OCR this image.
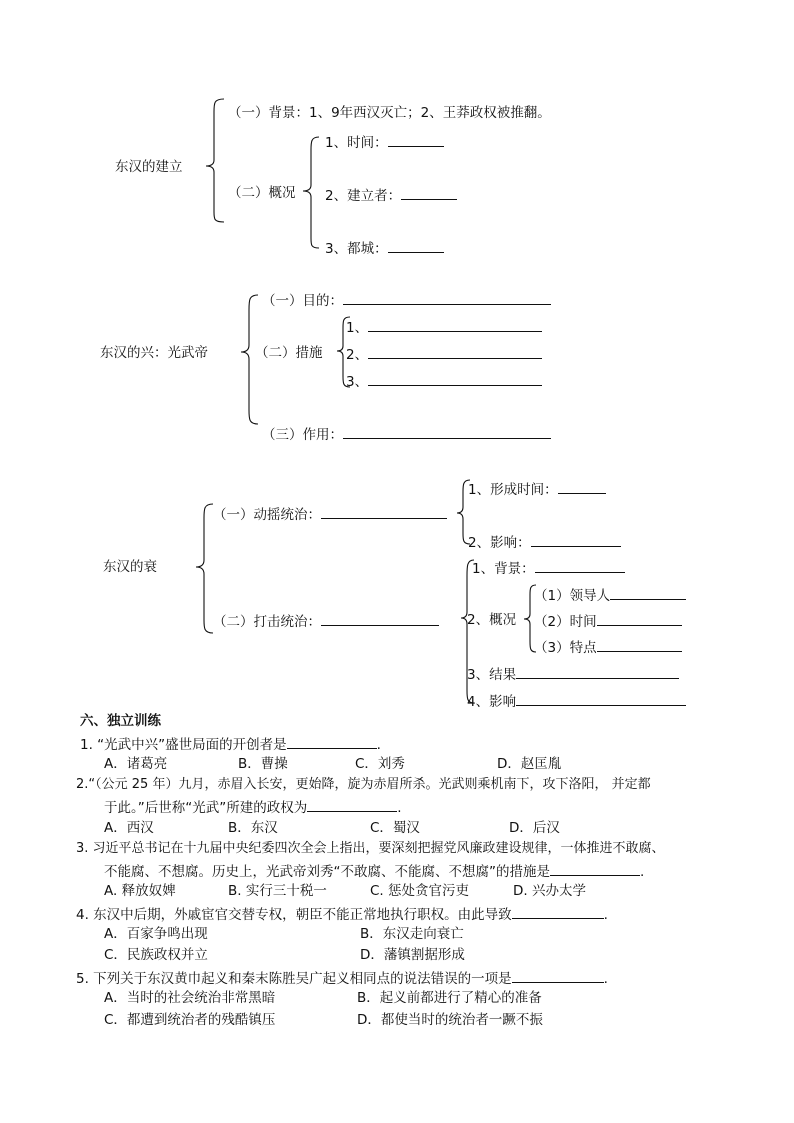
东汉的建立
（一）背景：1、9年西汉灭亡；2、王莽政权被推翻。
（二）概况
1、时间：
2、建立者：
3、都城：
东汉的兴：光武帝
（一）目的：
（二）措施
1、
2、
3、
（三）作用：
东汉的衰
（一）动摇统治：
1、形成时间：
2、影响：
（二）打击统治：
1、背景：
2、概况
（1）领导人
（2）时间
（3）特点
3、结果
4、影响
六、独立训练
1. “光武中兴”盛世局面的开创者是	.
A．诸葛亮	B．曹操	C．刘秀	D．赵匡胤
2.“（公元 25 年）九月，赤眉入长安，更始降，旋为赤眉所杀。光武则乘机南下，攻下洛阳， 并定都
于此。”后世称“光武”所建的政权为	.
A．西汉	B．东汉	C．蜀汉	D．后汉
3. 习近平总书记在十九届中央纪委四次全会上指出，要深刻把握党风廉政建设规律，一体推进不敢腐、
不能腐、不想腐。历史上，光武帝刘秀“不敢腐、不能腐、不想腐”的措施是	.
A. 释放奴婢	B. 实行三十税一	C. 惩处贪官污吏	D. 兴办太学
4. 东汉中后期，外戚宦官交替专权，朝臣不能正常地执行职权。由此导致	.
A．百家争鸣出现	B．东汉走向衰亡
C．民族政权并立	D．藩镇割据形成
5. 下列关于东汉黄巾起义和秦末陈胜吴广起义相同点的说法错误的一项是	.
A．当时的社会统治非常黑暗	B．起义前都进行了精心的准备
C．都遭到统治者的残酷镇压	D．都使当时的统治者一蹶不振
